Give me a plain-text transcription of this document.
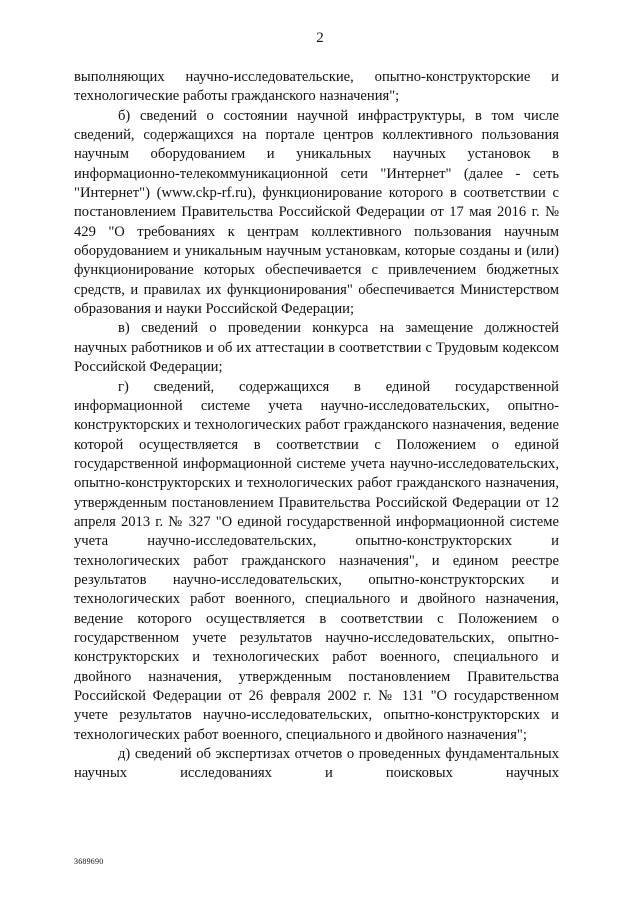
2

выполняющих научно-исследовательские, опытно-конструкторские и технологические работы гражданского назначения";

б) сведений о состоянии научной инфраструктуры, в том числе сведений, содержащихся на портале центров коллективного пользования научным оборудованием и уникальных научных установок в информационно-телекоммуникационной сети "Интернет" (далее - сеть "Интернет") (www.ckp-rf.ru), функционирование которого в соответствии с постановлением Правительства Российской Федерации от 17 мая 2016 г. № 429 "О требованиях к центрам коллективного пользования научным оборудованием и уникальным научным установкам, которые созданы и (или) функционирование которых обеспечивается с привлечением бюджетных средств, и правилах их функционирования" обеспечивается Министерством образования и науки Российской Федерации;

в) сведений о проведении конкурса на замещение должностей научных работников и об их аттестации в соответствии с Трудовым кодексом Российской Федерации;

г) сведений, содержащихся в единой государственной информационной системе учета научно-исследовательских, опытно-конструкторских и технологических работ гражданского назначения, ведение которой осуществляется в соответствии с Положением о единой государственной информационной системе учета научно-исследовательских, опытно-конструкторских и технологических работ гражданского назначения, утвержденным постановлением Правительства Российской Федерации от 12 апреля 2013 г. № 327 "О единой государственной информационной системе учета научно-исследовательских, опытно-конструкторских и технологических работ гражданского назначения", и едином реестре результатов научно-исследовательских, опытно-конструкторских и технологических работ военного, специального и двойного назначения, ведение которого осуществляется в соответствии с Положением о государственном учете результатов научно-исследовательских, опытно-конструкторских и технологических работ военного, специального и двойного назначения, утвержденным постановлением Правительства Российской Федерации от 26 февраля 2002 г. № 131 "О государственном учете результатов научно-исследовательских, опытно-конструкторских и технологических работ военного, специального и двойного назначения";

д) сведений об экспертизах отчетов о проведенных фундаментальных научных исследованиях и поисковых научных

3689690
